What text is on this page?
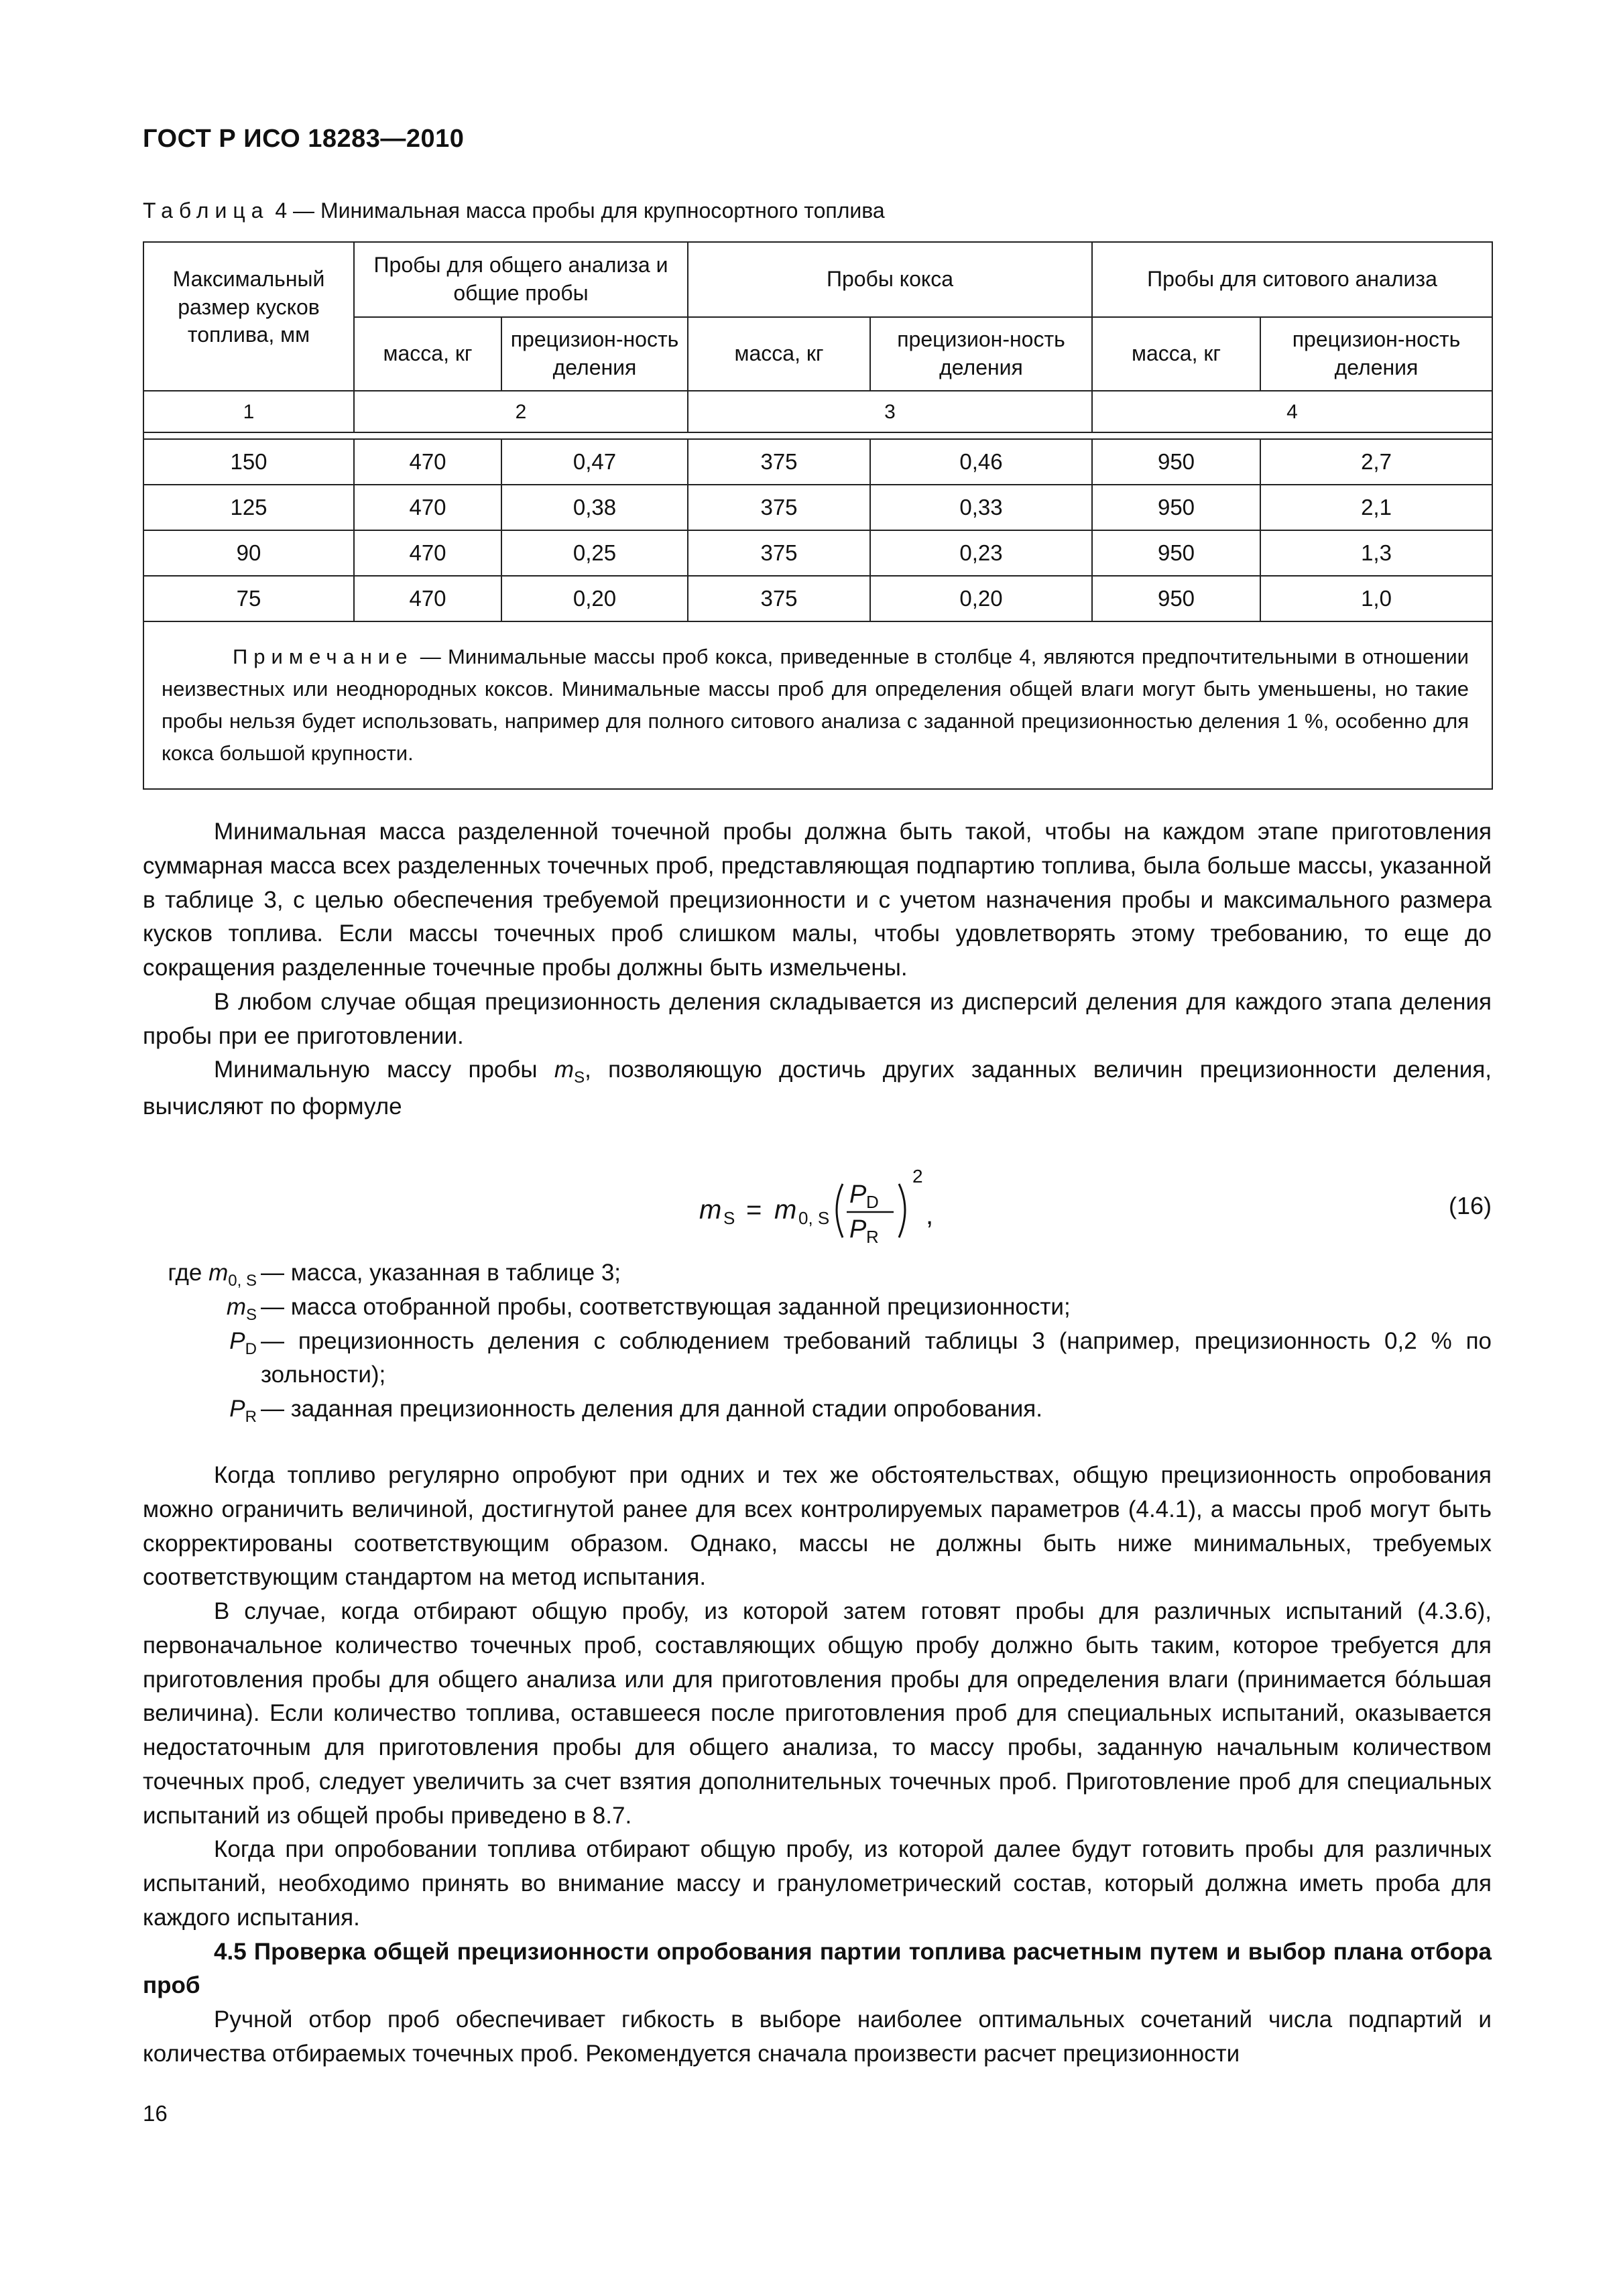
ГОСТ Р ИСО 18283—2010
Таблица 4 — Минимальная масса пробы для крупносортного топлива
Максимальный размер кусков топлива, мм	Пробы для общего анализа и общие пробы		Пробы кокса		Пробы для ситового анализа	
	масса, кг	прецизион-ность деления	масса, кг	прецизион-ность деления	масса, кг	прецизион-ность деления
1	2		3		4	

150	470	0,47	375	0,46	950	2,7
125	470	0,38	375	0,33	950	2,1
90	470	0,25	375	0,23	950	1,3
75	470	0,20	375	0,20	950	1,0
Примечание — Минимальные массы проб кокса, приведенные в столбце 4, являются предпочтительными в отношении неизвестных или неоднородных коксов. Минимальные массы проб для определения общей влаги могут быть уменьшены, но такие пробы нельзя будет использовать, например для полного ситового анализа с заданной прецизионностью деления 1 %, особенно для кокса большой крупности.						

Минимальная масса разделенной точечной пробы должна быть такой, чтобы на каждом этапе приготовления суммарная масса всех разделенных точечных проб, представляющая подпартию топлива, была больше массы, указанной в таблице 3, с целью обеспечения требуемой прецизионности и с учетом назначения пробы и максимального размера кусков топлива. Если массы точечных проб слишком малы, чтобы удовлетворять этому требованию, то еще до сокращения разделенные точечные пробы должны быть измельчены.

В любом случае общая прецизионность деления складывается из дисперсий деления для каждого этапа деления пробы при ее приготовлении.

Минимальную массу пробы $m_S$, позволяющую достичь других заданных величин прецизионности деления, вычисляют по формуле

m S = m 0, S
P D
P R
2
,	(16)
где $m_{0, S}$ — масса, указанная в таблице 3;
$m_S$ — масса отобранной пробы, соответствующая заданной прецизионности;
$P_D$ — прецизионность деления с соблюдением требований таблицы 3 (например, прецизионность 0,2 % по зольности);
$P_R$ — заданная прецизионность деления для данной стадии опробования.

Когда топливо регулярно опробуют при одних и тех же обстоятельствах, общую прецизионность опробования можно ограничить величиной, достигнутой ранее для всех контролируемых параметров (4.4.1), а массы проб могут быть скорректированы соответствующим образом. Однако, массы не должны быть ниже минимальных, требуемых соответствующим стандартом на метод испытания.

В случае, когда отбирают общую пробу, из которой затем готовят пробы для различных испытаний (4.3.6), первоначальное количество точечных проб, составляющих общую пробу должно быть таким, которое требуется для приготовления пробы для общего анализа или для приготовления пробы для определения влаги (принимается бóльшая величина). Если количество топлива, оставшееся после приготовления проб для специальных испытаний, оказывается недостаточным для приготовления пробы для общего анализа, то массу пробы, заданную начальным количеством точечных проб, следует увеличить за счет взятия дополнительных точечных проб. Приготовление проб для специальных испытаний из общей пробы приведено в 8.7.

Когда при опробовании топлива отбирают общую пробу, из которой далее будут готовить пробы для различных испытаний, необходимо принять во внимание массу и гранулометрический состав, который должна иметь проба для каждого испытания.

4.5 Проверка общей прецизионности опробования партии топлива расчетным путем и выбор плана отбора проб

Ручной отбор проб обеспечивает гибкость в выборе наиболее оптимальных сочетаний числа подпартий и количества отбираемых точечных проб. Рекомендуется сначала произвести расчет прецизионности

16
